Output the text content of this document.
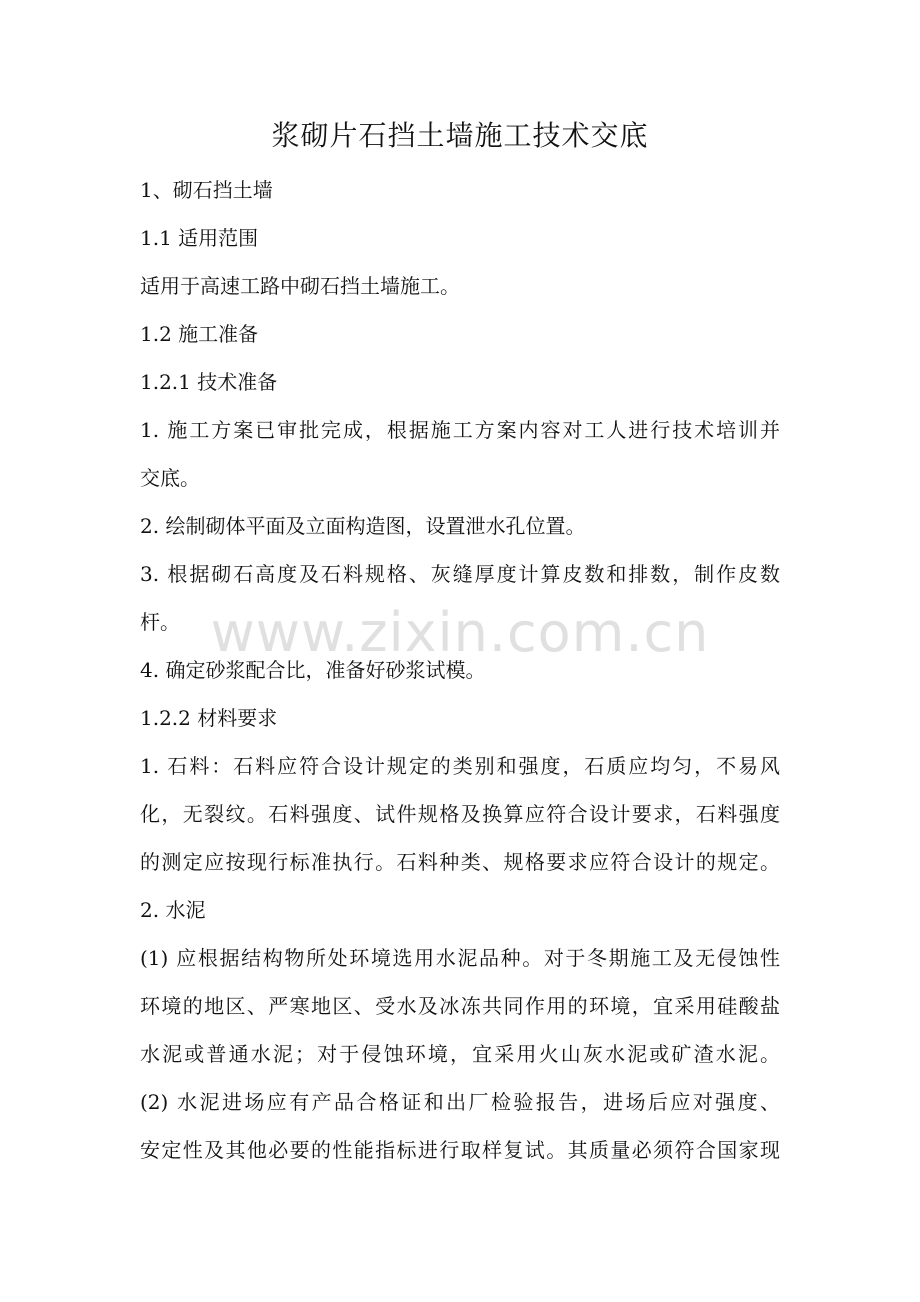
浆砌片石挡土墙施工技术交底
1、砌石挡土墙
1.1 适用范围
适用于高速工路中砌石挡土墙施工。
1.2 施工准备
1.2.1 技术准备
1. 施工方案已审批完成，根据施工方案内容对工人进行技术培训并
交底。
2. 绘制砌体平面及立面构造图，设置泄水孔位置。
3. 根据砌石高度及石料规格、灰缝厚度计算皮数和排数，制作皮数
杆。
4. 确定砂浆配合比，准备好砂浆试模。
1.2.2 材料要求
1. 石料：石料应符合设计规定的类别和强度，石质应均匀，不易风
化，无裂纹。石料强度、试件规格及换算应符合设计要求，石料强度
的测定应按现行标准执行。石料种类、规格要求应符合设计的规定。
2. 水泥
(1) 应根据结构物所处环境选用水泥品种。对于冬期施工及无侵蚀性
环境的地区、严寒地区、受水及冰冻共同作用的环境，宜采用硅酸盐
水泥或普通水泥；对于侵蚀环境，宜采用火山灰水泥或矿渣水泥。
(2) 水泥进场应有产品合格证和出厂检验报告，进场后应对强度、
安定性及其他必要的性能指标进行取样复试。其质量必须符合国家现
www.zixin.com.cn
